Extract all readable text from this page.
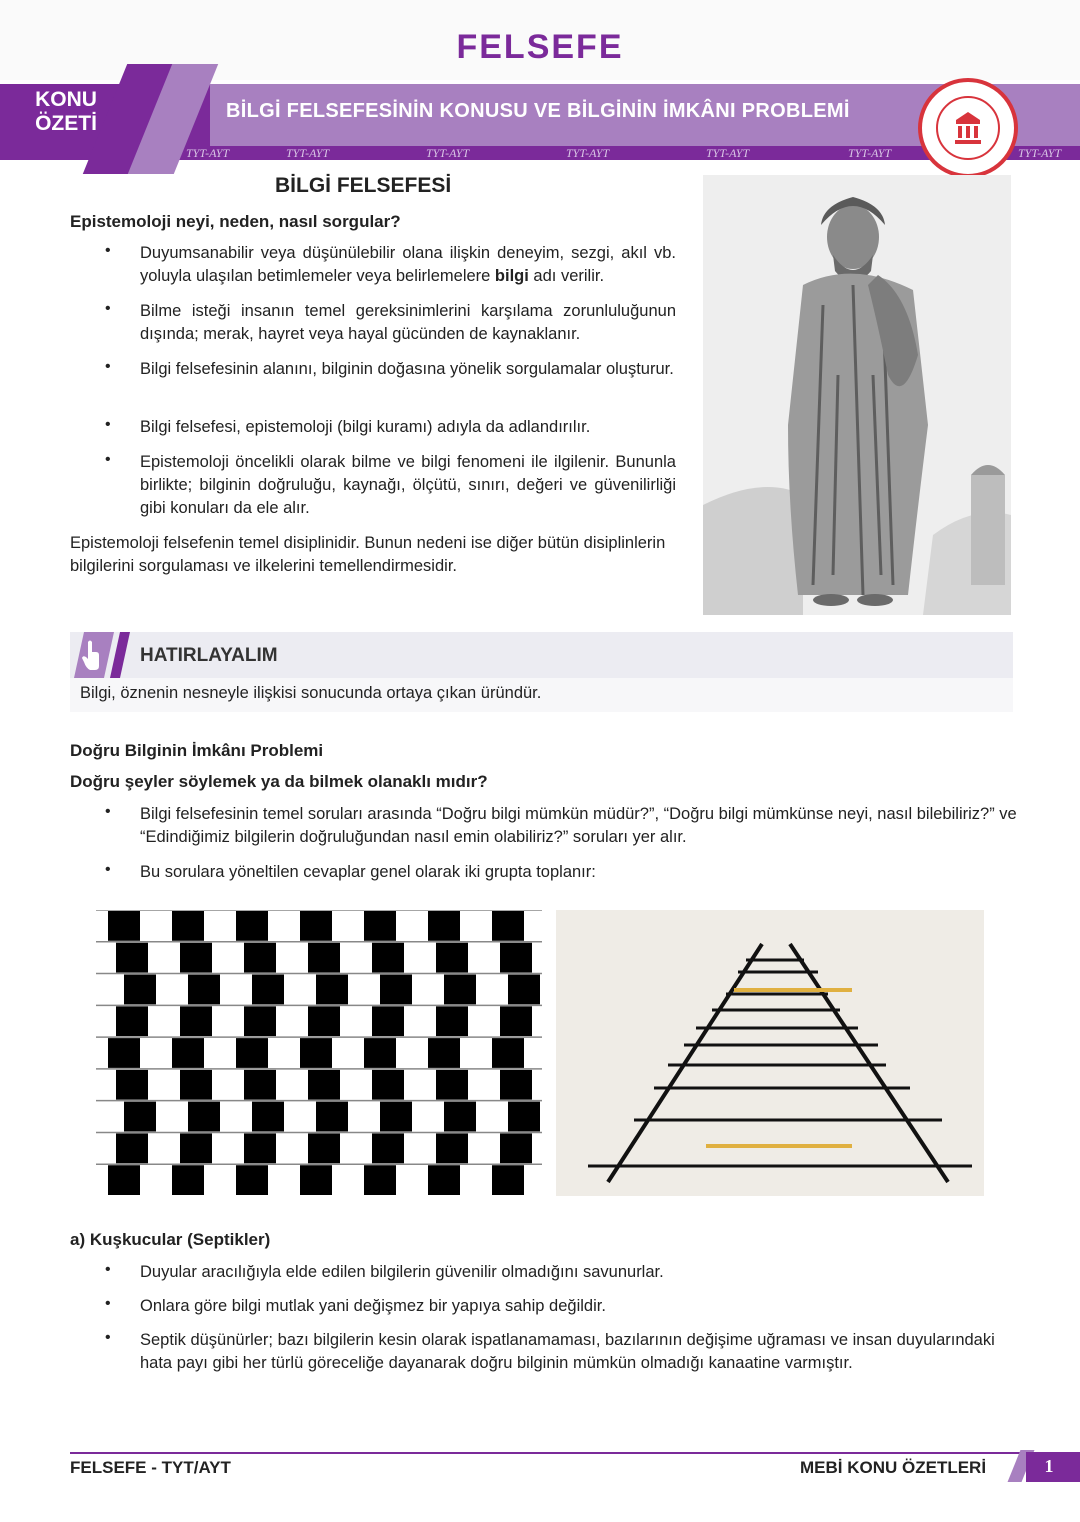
FELSEFE
KONU
ÖZETİ
BİLGİ FELSEFESİNİN KONUSU VE BİLGİNİN İMKÂNI PROBLEMİ
TYT-AYT	TYT-AYT	TYT-AYT	TYT-AYT	TYT-AYT	TYT-AYT	TYT-AYT
BİLGİ FELSEFESİ
Epistemoloji neyi, neden, nasıl sorgular?
• Duyumsanabilir veya düşünülebilir olana ilişkin deneyim, sezgi, akıl vb. yoluyla ulaşılan betimlemeler veya belirlemelere bilgi adı verilir.
• Bilme isteği insanın temel gereksinimlerini karşılama zorunluluğunun dışında; merak, hayret veya hayal gücünden de kaynaklanır.
• Bilgi felsefesinin alanını, bilginin doğasına yönelik sorgulamalar oluşturur.
• Bilgi felsefesi, epistemoloji (bilgi kuramı) adıyla da adlandırılır.
• Epistemoloji öncelikli olarak bilme ve bilgi fenomeni ile ilgilenir. Bununla birlikte; bilginin doğruluğu, kaynağı, ölçütü, sınırı, değeri ve güvenilirliği gibi konuları da ele alır.
Epistemoloji felsefenin temel disiplinidir. Bunun nedeni ise diğer bütün disiplinlerin bilgilerini sorgulaması ve ilkelerini temellendirmesidir.
HATIRLAYALIM
Bilgi, öznenin nesneyle ilişkisi sonucunda ortaya çıkan üründür.
Doğru Bilginin İmkânı Problemi
Doğru şeyler söylemek ya da bilmek olanaklı mıdır?
• Bilgi felsefesinin temel soruları arasında “Doğru bilgi mümkün müdür?”, “Doğru bilgi mümkünse neyi, nasıl bilebiliriz?” ve “Edindiğimiz bilgilerin doğruluğundan nasıl emin olabiliriz?” soruları yer alır.
• Bu sorulara yöneltilen cevaplar genel olarak iki grupta toplanır:
a) Kuşkucular (Septikler)
• Duyular aracılığıyla elde edilen bilgilerin güvenilir olmadığını savunurlar.
• Onlara göre bilgi mutlak yani değişmez bir yapıya sahip değildir.
• Septik düşünürler; bazı bilgilerin kesin olarak ispatlanamaması, bazılarının değişime uğraması ve insan duyularındaki hata payı gibi her türlü göreceliğe dayanarak doğru bilginin mümkün olmadığı kanaatine varmıştır.
FELSEFE - TYT/AYT	MEBİ KONU ÖZETLERİ	1
